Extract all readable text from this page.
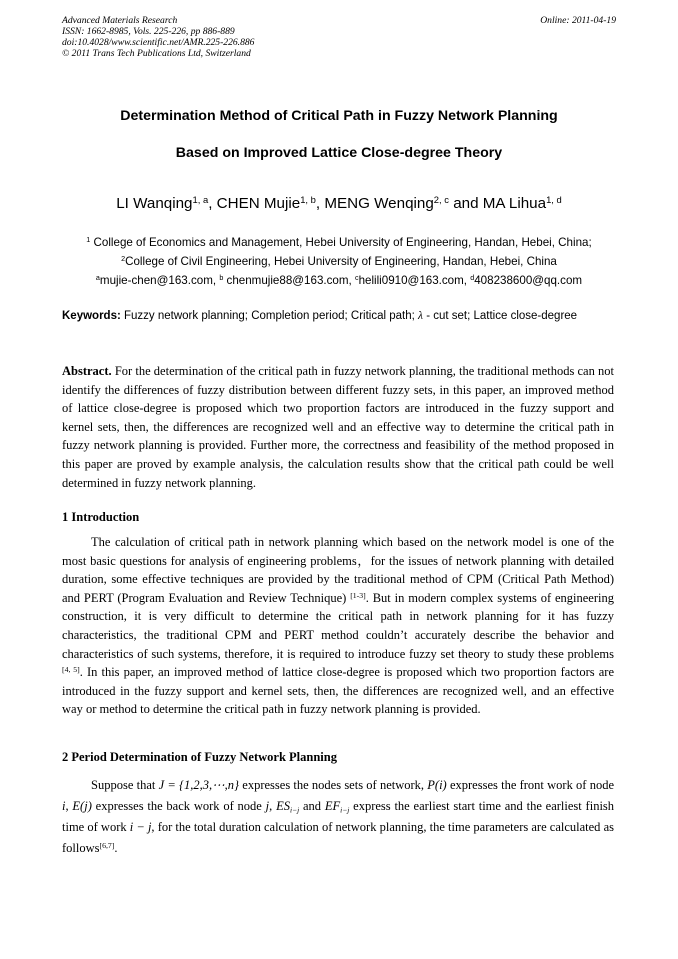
Advanced Materials Research
ISSN: 1662-8985, Vols. 225-226, pp 886-889
doi:10.4028/www.scientific.net/AMR.225-226.886
© 2011 Trans Tech Publications Ltd, Switzerland
Online: 2011-04-19
Determination Method of Critical Path in Fuzzy Network Planning
Based on Improved Lattice Close-degree Theory
LI Wanqing$^{1, a}$, CHEN Mujie$^{1, b}$, MENG Wenqing$^{2, c}$ and MA Lihua$^{1, d}$
$^1$ College of Economics and Management, Hebei University of Engineering, Handan, Hebei, China;
$^2$College of Civil Engineering, Hebei University of Engineering, Handan, Hebei, China
$^a$mujie-chen@163.com, $^b$ chenmujie88@163.com, $^c$helili0910@163.com, $^d$408238600@qq.com
Keywords: Fuzzy network planning; Completion period; Critical path; λ - cut set; Lattice close-degree

Abstract. For the determination of the critical path in fuzzy network planning, the traditional methods can not identify the differences of fuzzy distribution between different fuzzy sets, in this paper, an improved method of lattice close-degree is proposed which two proportion factors are introduced in the fuzzy support and kernel sets, then, the differences are recognized well and an effective way to determine the critical path in fuzzy network planning is provided. Further more, the correctness and feasibility of the method proposed in this paper are proved by example analysis, the calculation results show that the critical path could be well determined in fuzzy network planning.

1 Introduction

The calculation of critical path in network planning which based on the network model is one of the most basic questions for analysis of engineering problems，for the issues of network planning with detailed duration, some effective techniques are provided by the traditional method of CPM (Critical Path Method) and PERT (Program Evaluation and Review Technique) [1-3]. But in modern complex systems of engineering construction, it is very difficult to determine the critical path in network planning for it has fuzzy characteristics, the traditional CPM and PERT method couldn’t accurately describe the behavior and characteristics of such systems, therefore, it is required to introduce fuzzy set theory to study these problems [4, 5]. In this paper, an improved method of lattice close-degree is proposed which two proportion factors are introduced in the fuzzy support and kernel sets, then, the differences are recognized well, and an effective way or method to determine the critical path in fuzzy network planning is provided.

2 Period Determination of Fuzzy Network Planning

Suppose that J = {1,2,3,⋯,n} expresses the nodes sets of network, P(i) expresses the front work of node i, E(j) expresses the back work of node j, $ES_{i-j}$ and $EF_{i-j}$ express the earliest start time and the earliest finish time of work i − j, for the total duration calculation of network planning, the time parameters are calculated as follows[6,7].
